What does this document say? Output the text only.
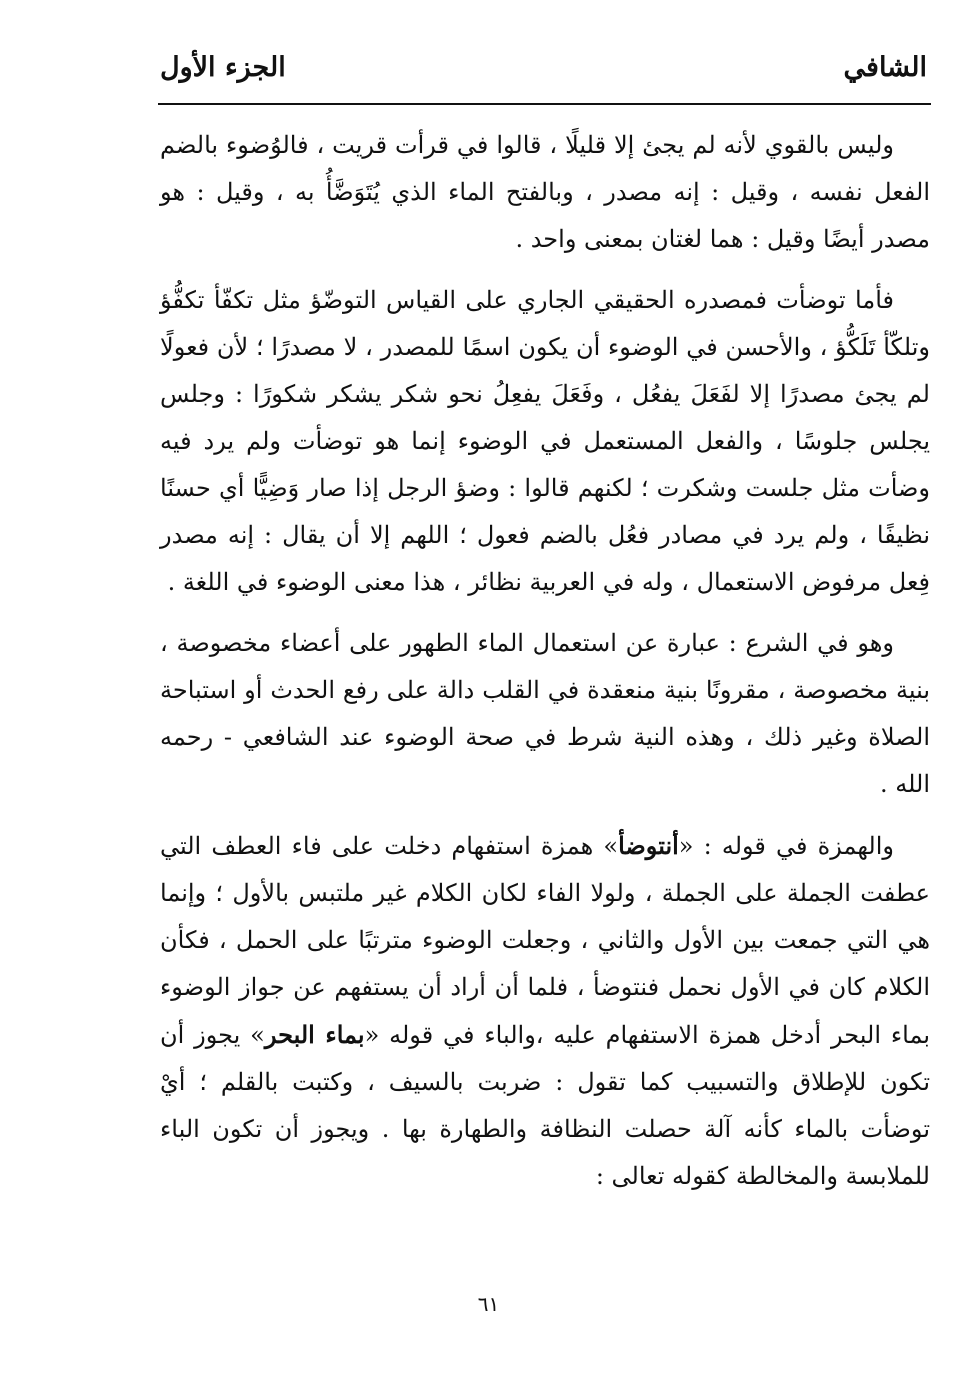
الشافي
الجزء الأول

وليس بالقوي لأنه لم يجئ إلا قليلًا ، قالوا في قرأت قريت ، فالوُضوء بالضم الفعل نفسه ، وقيل : إنه مصدر ، وبالفتح الماء الذي يُتَوَضَّأُ به ، وقيل : هو مصدر أيضًا وقيل : هما لغتان بمعنى واحد .

فأما توضأت فمصدره الحقيقي الجاري على القياس التوضّؤ مثل تكفّأ تكفُّؤ وتلكّأ تَلَكُّؤ ، والأحسن في الوضوء أن يكون اسمًا للمصدر ، لا مصدرًا ؛ لأن فعولًا لم يجئ مصدرًا إلا لفَعَلَ يفعُل ، وفَعَلَ يفعِلُ نحو شكر يشكر شكورًا : وجلس يجلس جلوسًا ، والفعل المستعمل في الوضوء إنما هو توضأت ولم يرد فيه وضأت مثل جلست وشكرت ؛ لكنهم قالوا : وضؤ الرجل إذا صار وَضِيًّا أي حسنًا نظيفًا ، ولم يرد في مصادر فعُل بالضم فعول ؛ اللهم إلا أن يقال : إنه مصدر فِعل مرفوض الاستعمال ، وله في العربية نظائر ، هذا معنى الوضوء في اللغة .

وهو في الشرع : عبارة عن استعمال الماء الطهور على أعضاء مخصوصة ، بنية مخصوصة ، مقرونًا بنية منعقدة في القلب دالة على رفع الحدث أو استباحة الصلاة وغير ذلك ، وهذه النية شرط في صحة الوضوء عند الشافعي - رحمه الله .

والهمزة في قوله : «أنتوضأ» همزة استفهام دخلت على فاء العطف التي عطفت الجملة على الجملة ، ولولا الفاء لكان الكلام غير ملتبس بالأول ؛ وإنما هي التي جمعت بين الأول والثاني ، وجعلت الوضوء مترتبًا على الحمل ، فكأن الكلام كان في الأول نحمل فنتوضأ ، فلما أن أراد أن يستفهم عن جواز الوضوء بماء البحر أدخل همزة الاستفهام عليه ،والباء في قوله «بماء البحر» يجوز أن تكون للإطلاق والتسبيب كما تقول : ضربت بالسيف ، وكتبت بالقلم ؛ أيْ توضأت بالماء كأنه آلة حصلت النظافة والطهارة بها . ويجوز أن تكون الباء للملابسة والمخالطة كقوله تعالى :

٦١
